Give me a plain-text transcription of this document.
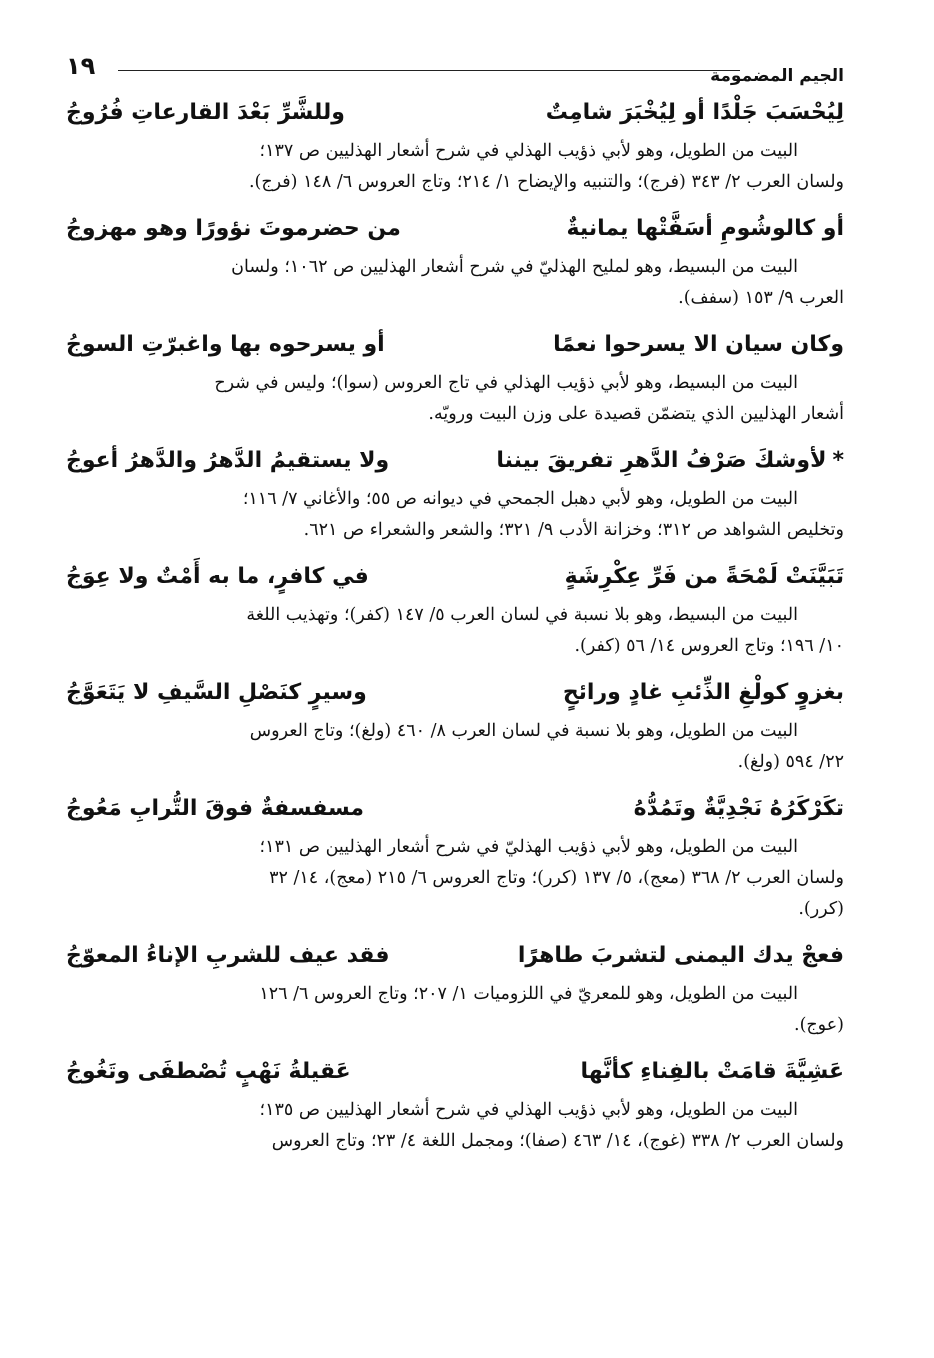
١٩	الجيم المضمومة
لِيُحْسَبَ جَلْدًا أو لِيُخْبَرَ شامِتٌ
وللشَّرِّ بَعْدَ القارعاتِ فُرُوجُ
البيت من الطويل، وهو لأبي ذؤيب الهذلي في شرح أشعار الهذليين ص ١٣٧؛
ولسان العرب ٢/ ٣٤٣ (فرج)؛ والتنبيه والإيضاح ١/ ٢١٤؛ وتاج العروس ٦/ ١٤٨ (فرج).
أو كالوشُومِ أسَفَّتْها يمانيةٌ
من حضرموتَ نؤورًا وهو مهزوجُ
البيت من البسيط، وهو لمليح الهذليّ في شرح أشعار الهذليين ص ١٠٦٢؛ ولسان
العرب ٩/ ١٥٣ (سفف).
وكان سيان الا يسرحوا نعمًا
أو يسرحوه بها واغبرّتِ السوجُ
البيت من البسيط، وهو لأبي ذؤيب الهذلي في تاج العروس (سوا)؛ وليس في شرح
أشعار الهذليين الذي يتضمّن قصيدة على وزن البيت ورويّه.
*لأوشكَ صَرْفُ الدَّهرِ تفريقَ بيننا
ولا يستقيمُ الدَّهرُ والدَّهرُ أعوجُ
البيت من الطويل، وهو لأبي دهبل الجمحي في ديوانه ص ٥٥؛ والأغاني ٧/ ١١٦؛
وتخليص الشواهد ص ٣١٢؛ وخزانة الأدب ٩/ ٣٢١؛ والشعر والشعراء ص ٦٢١.
تَبَيَّنَتْ لَمْحَةً من فَرِّ عِكْرِشَةٍ
في كافرٍ، ما به أَمْتٌ ولا عِوَجُ
البيت من البسيط، وهو بلا نسبة في لسان العرب ٥/ ١٤٧ (كفر)؛ وتهذيب اللغة
١٠/ ١٩٦؛ وتاج العروس ١٤/ ٥٦ (كفر).
بغزوٍ كولْغِ الذِّئبِ غادٍ ورائحٍ
وسيرٍ كنَصْلِ السَّيفِ لا يَتَعَوَّجُ
البيت من الطويل، وهو بلا نسبة في لسان العرب ٨/ ٤٦٠ (ولغ)؛ وتاج العروس
٢٢/ ٥٩٤ (ولغ).
تكَرْكَرُهُ نَجْدِيَّةٌ وتَمُدُّهُ
مسفسفةٌ فوقَ التُّرابِ مَعُوجُ
البيت من الطويل، وهو لأبي ذؤيب الهذليّ في شرح أشعار الهذليين ص ١٣١؛
ولسان العرب ٢/ ٣٦٨ (معج)، ٥/ ١٣٧ (كرر)؛ وتاج العروس ٦/ ٢١٥ (معج)، ١٤/ ٣٢
(كرر).
فعجْ يدك اليمنى لتشربَ طاهرًا
فقد عيف للشربِ الإناءُ المعوّجُ
البيت من الطويل، وهو للمعريّ في اللزوميات ١/ ٢٠٧؛ وتاج العروس ٦/ ١٢٦
(عوج).
عَشِيَّةَ قامَتْ بالفِناءِ كأنَّها
عَقيلةُ نَهْبٍ تُصْطفَى وتَغُوجُ
البيت من الطويل، وهو لأبي ذؤيب الهذلي في شرح أشعار الهذليين ص ١٣٥؛
ولسان العرب ٢/ ٣٣٨ (غوج)، ١٤/ ٤٦٣ (صفا)؛ ومجمل اللغة ٤/ ٢٣؛ وتاج العروس
